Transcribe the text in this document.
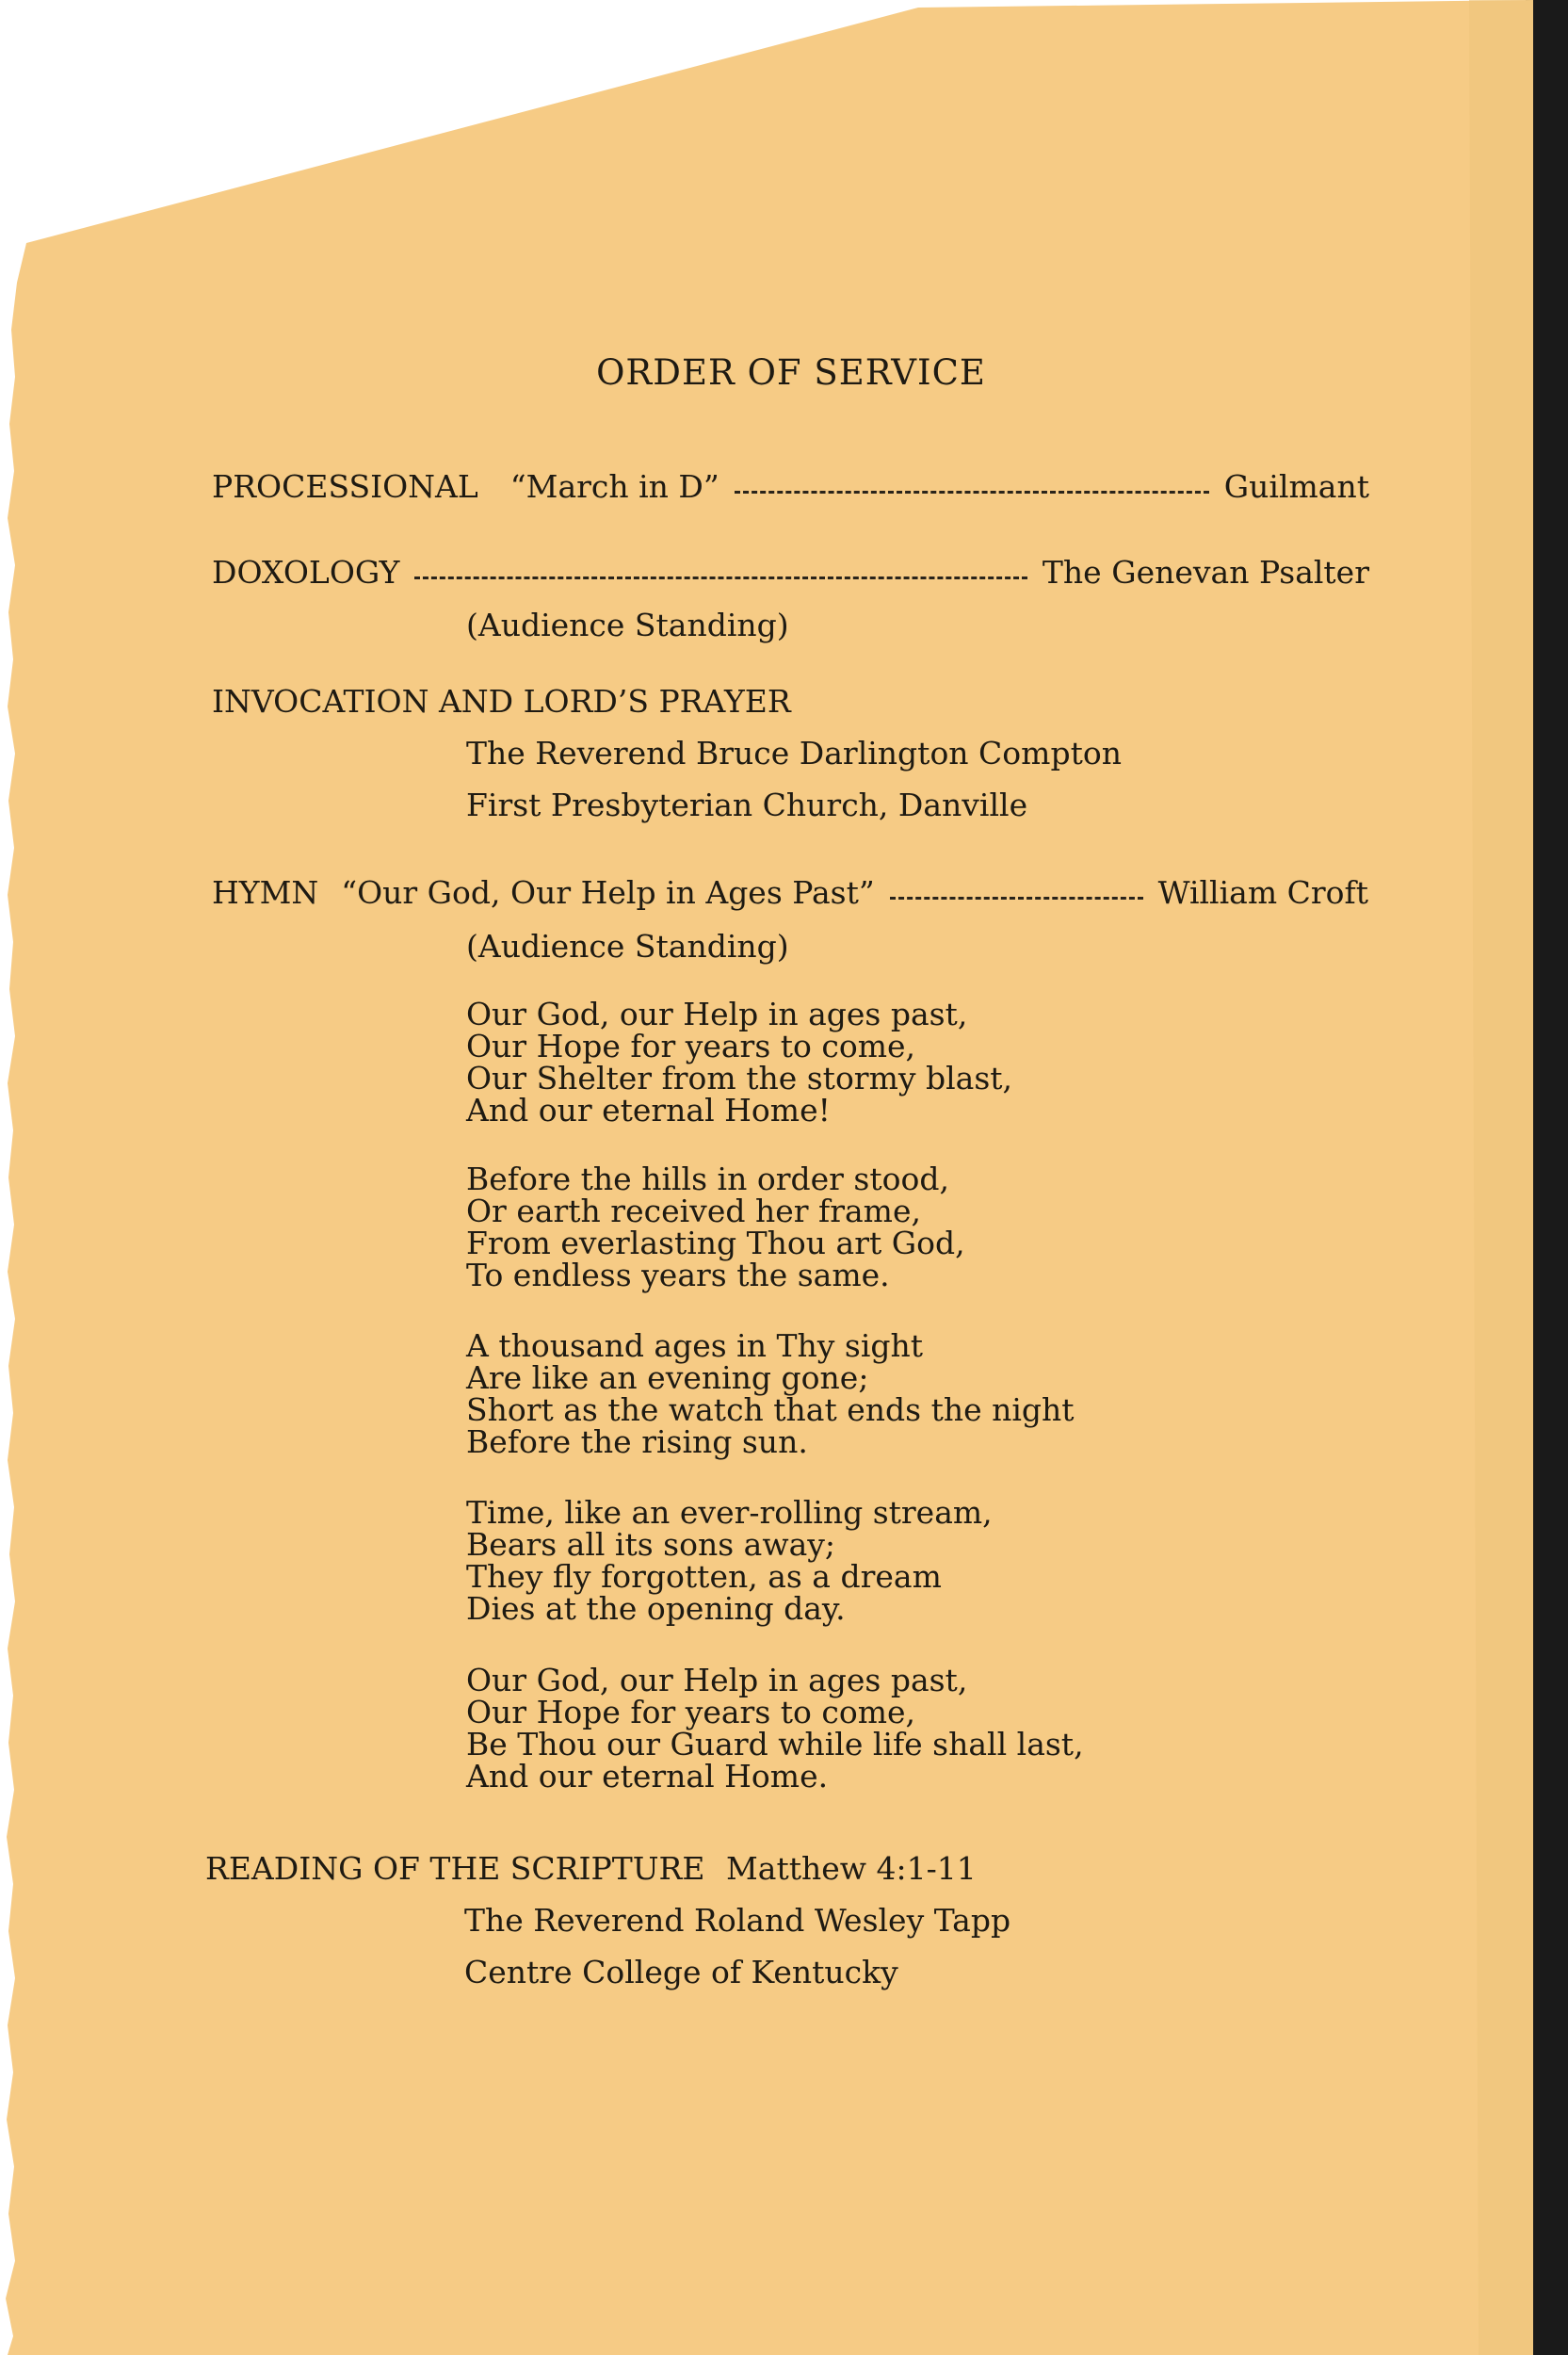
ORDER OF SERVICE
PROCESSIONAL “March in D”	Guilmant
DOXOLOGY	The Genevan Psalter
(Audience Standing)
INVOCATION AND LORD’S PRAYER
The Reverend Bruce Darlington Compton
First Presbyterian Church, Danville
HYMN “Our God, Our Help in Ages Past”	William Croft
(Audience Standing)
Our God, our Help in ages past,
Our Hope for years to come,
Our Shelter from the stormy blast,
And our eternal Home!
Before the hills in order stood,
Or earth received her frame,
From everlasting Thou art God,
To endless years the same.
A thousand ages in Thy sight
Are like an evening gone;
Short as the watch that ends the night
Before the rising sun.
Time, like an ever-rolling stream,
Bears all its sons away;
They fly forgotten, as a dream
Dies at the opening day.
Our God, our Help in ages past,
Our Hope for years to come,
Be Thou our Guard while life shall last,
And our eternal Home.
READING OF THE SCRIPTURE Matthew 4:1-11
The Reverend Roland Wesley Tapp
Centre College of Kentucky
